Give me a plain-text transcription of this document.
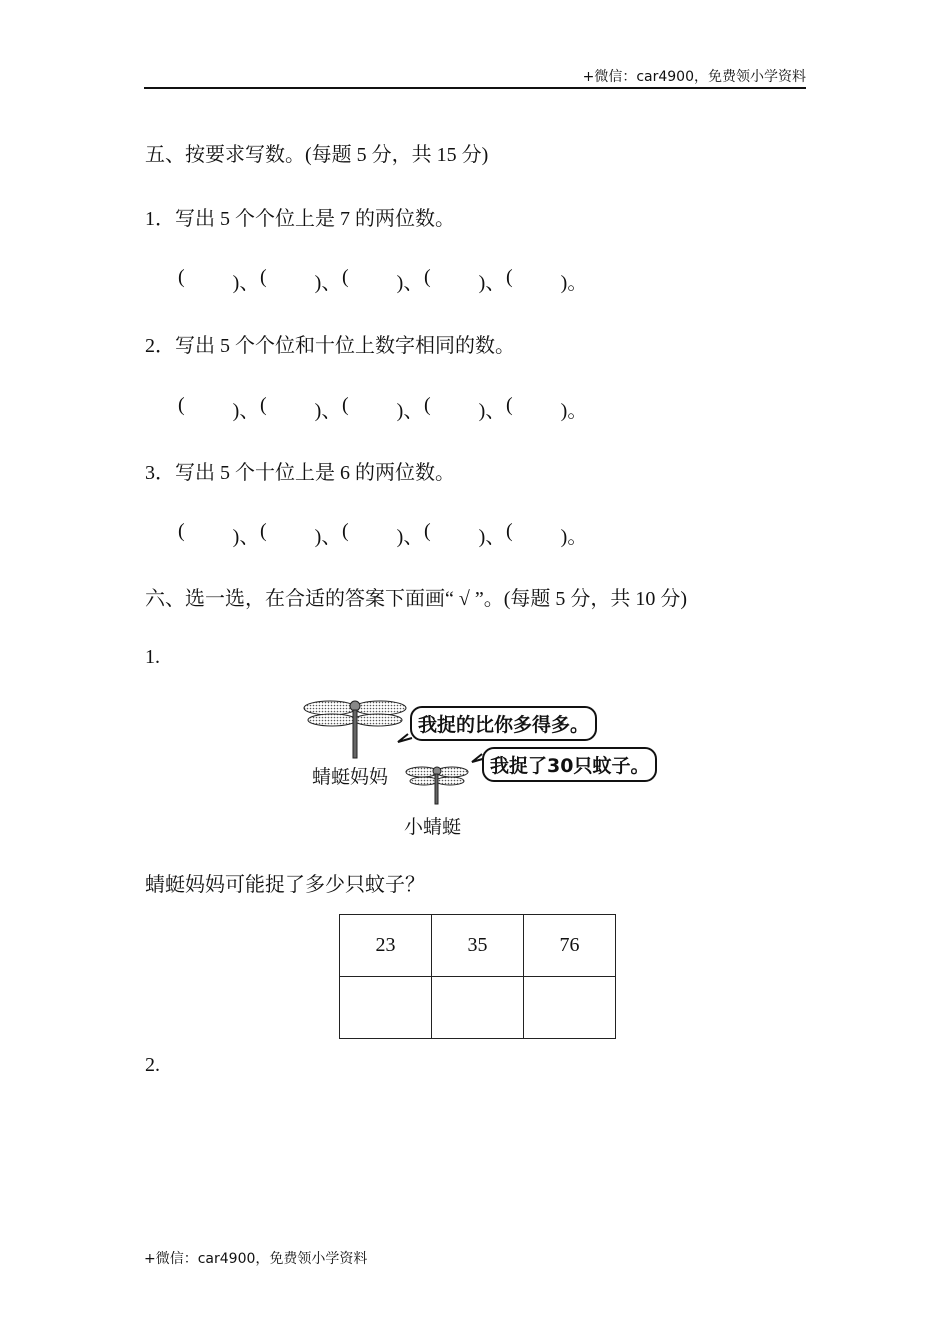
+微信：car4900，免费领小学资料
五、按要求写数。(每题 5 分，共 15 分)
1．写出 5 个个位上是 7 的两位数。
( )、 ( )、 ( )、 ( )、 ( )。
2．写出 5 个个位和十位上数字相同的数。
( )、 ( )、 ( )、 ( )、 ( )。
3．写出 5 个十位上是 6 的两位数。
( )、 ( )、 ( )、 ( )、 ( )。
六、选一选，在合适的答案下面画“ √ ”。(每题 5 分，共 10 分)
1.
我捉的比你多得多。
我捉了30只蚊子。
蜻蜓妈妈
小蜻蜓
蜻蜓妈妈可能捉了多少只蚊子？
23	35	76

2.
+微信：car4900，免费领小学资料
